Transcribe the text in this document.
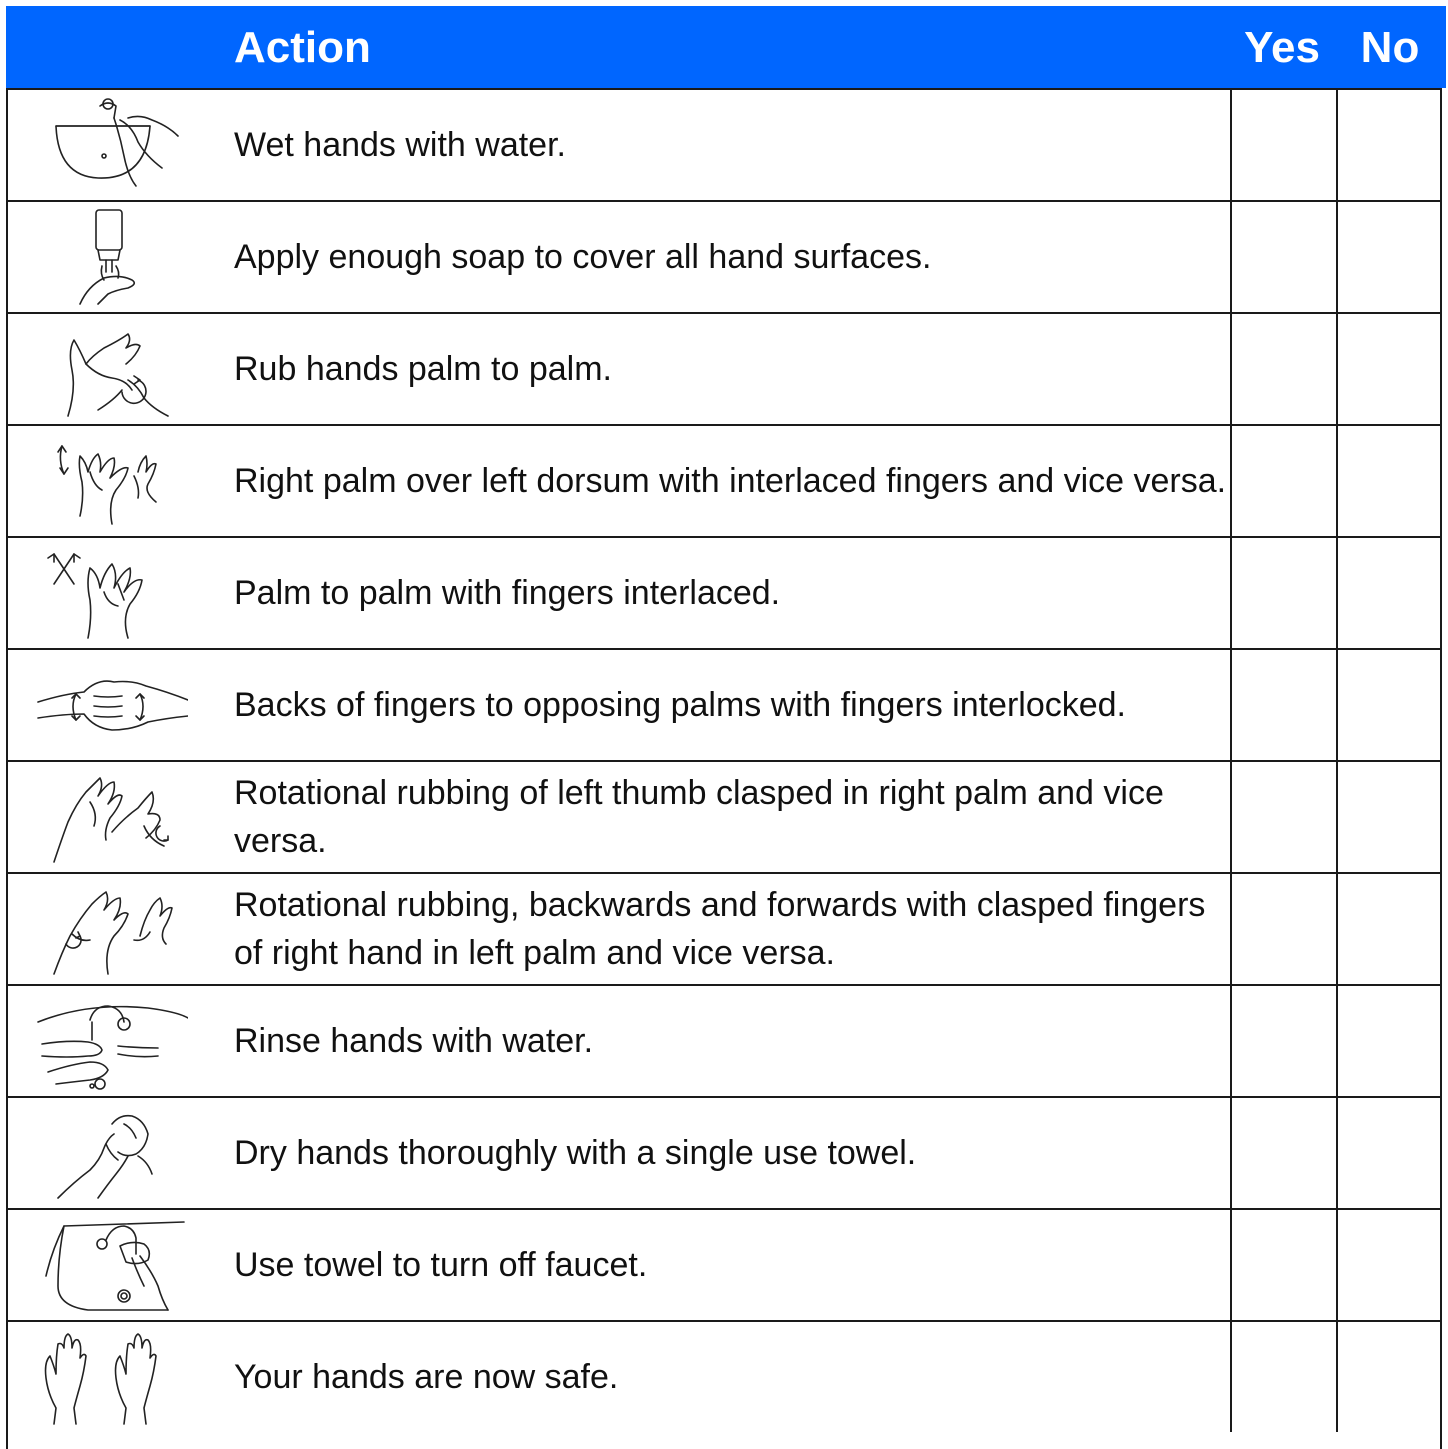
Action	Yes No
Wet hands with water.
Apply enough soap to cover all hand surfaces.
Rub hands palm to palm.
Right palm over left dorsum with interlaced fingers and vice versa.
Palm to palm with fingers interlaced.
Backs of fingers to opposing palms with fingers interlocked.
Rotational rubbing of left thumb clasped in right palm and vice versa.
Rotational rubbing, backwards and forwards with clasped fingers of right hand in left palm and vice versa.
Rinse hands with water.
Dry hands thoroughly with a single use towel.
Use towel to turn off faucet.
Your hands are now safe.
